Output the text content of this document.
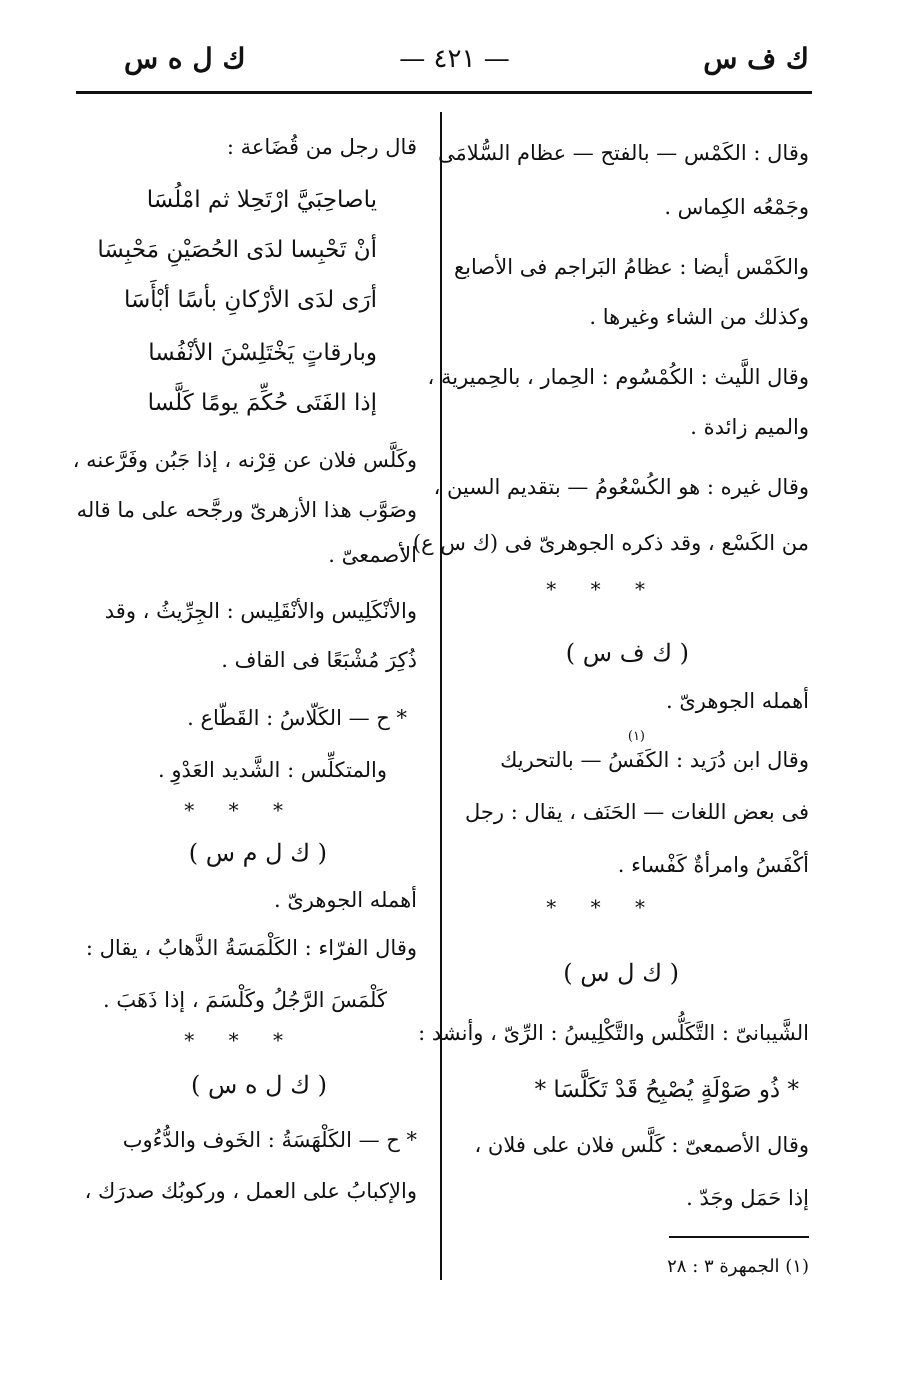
ك ل ه س	— ٤٢١ —	ك ف س
وقال : الكَمْس — بالفتح — عظام السُّلامَى
وجَمْعُه الكِماس .
والكَمْس أيضا : عظامُ البَراجم فى الأصابع
وكذلك من الشاء وغيرها .
وقال اللَّيث : الكُمْسُوم : الحِمار ، بالحِميرية ،
والميم زائدة .
وقال غيره : هو الكُسْعُومُ — بتقديم السين ،
من الكَسْع ، وقد ذكره الجوهرىّ فى (ك س ع) .
* * *
( ك ف س )
أهمله الجوهرىّ .
وقال ابن دُرَيد : الكَفَسُ — بالتحريك
(١)
فى بعض اللغات — الحَنَف ، يقال : رجل
أكْفَسُ وامرأةٌ كَفْساء .
* * *
( ك ل س )
الشَّيبانىّ : التَّكَلُّس والتَّكْلِيسُ : الرِّىّ ، وأنشد :
* ذُو صَوْلَةٍ يُصْبِحُ قَدْ تَكَلَّسَا *
وقال الأصمعىّ : كَلَّس فلان على فلان ،
إذا حَمَل وجَدّ .
(١) الجمهرة ٣ : ٢٨
قال رجل من قُضَاعة :
ياصاحِبَيَّ ارْتَحِلا ثم امْلُسَا
أنْ تَحْبِسا لدَى الحُصَيْنِ مَحْبِسَا
أرَى لدَى الأرْكانِ بأسًا أبْأَسَا
وبارقاتٍ يَخْتَلِسْنَ الأنْفُسا
إذا الفَتَى حُكِّمَ يومًا كَلَّسا
وكَلَّس فلان عن قِرْنه ، إذا جَبُن وفَرَّعنه ،
وصَوَّب هذا الأزهرىّ ورجَّحه على ما قاله
الأصمعىّ .
والأنْكَلِيس والأنْقَلِيس : الجِرِّيثُ ، وقد
ذُكِرَ مُشْبَعًا فى القاف .
* ح — الكَلّاسُ : القَطّاع .
والمتكلِّس : الشَّديد العَدْوِ .
* * *
( ك ل م س )
أهمله الجوهرىّ .
وقال الفرّاء : الكَلْمَسَةُ الذَّهابُ ، يقال :
كَلْمَسَ الرَّجُلُ وكَلْسَمَ ، إذا ذَهَبَ .
* * *
( ك ل ه س )
* ح — الكَلْهَسَةُ : الخَوف والدُّءُوب
والإكبابُ على العمل ، وركوبُك صدرَك ،
